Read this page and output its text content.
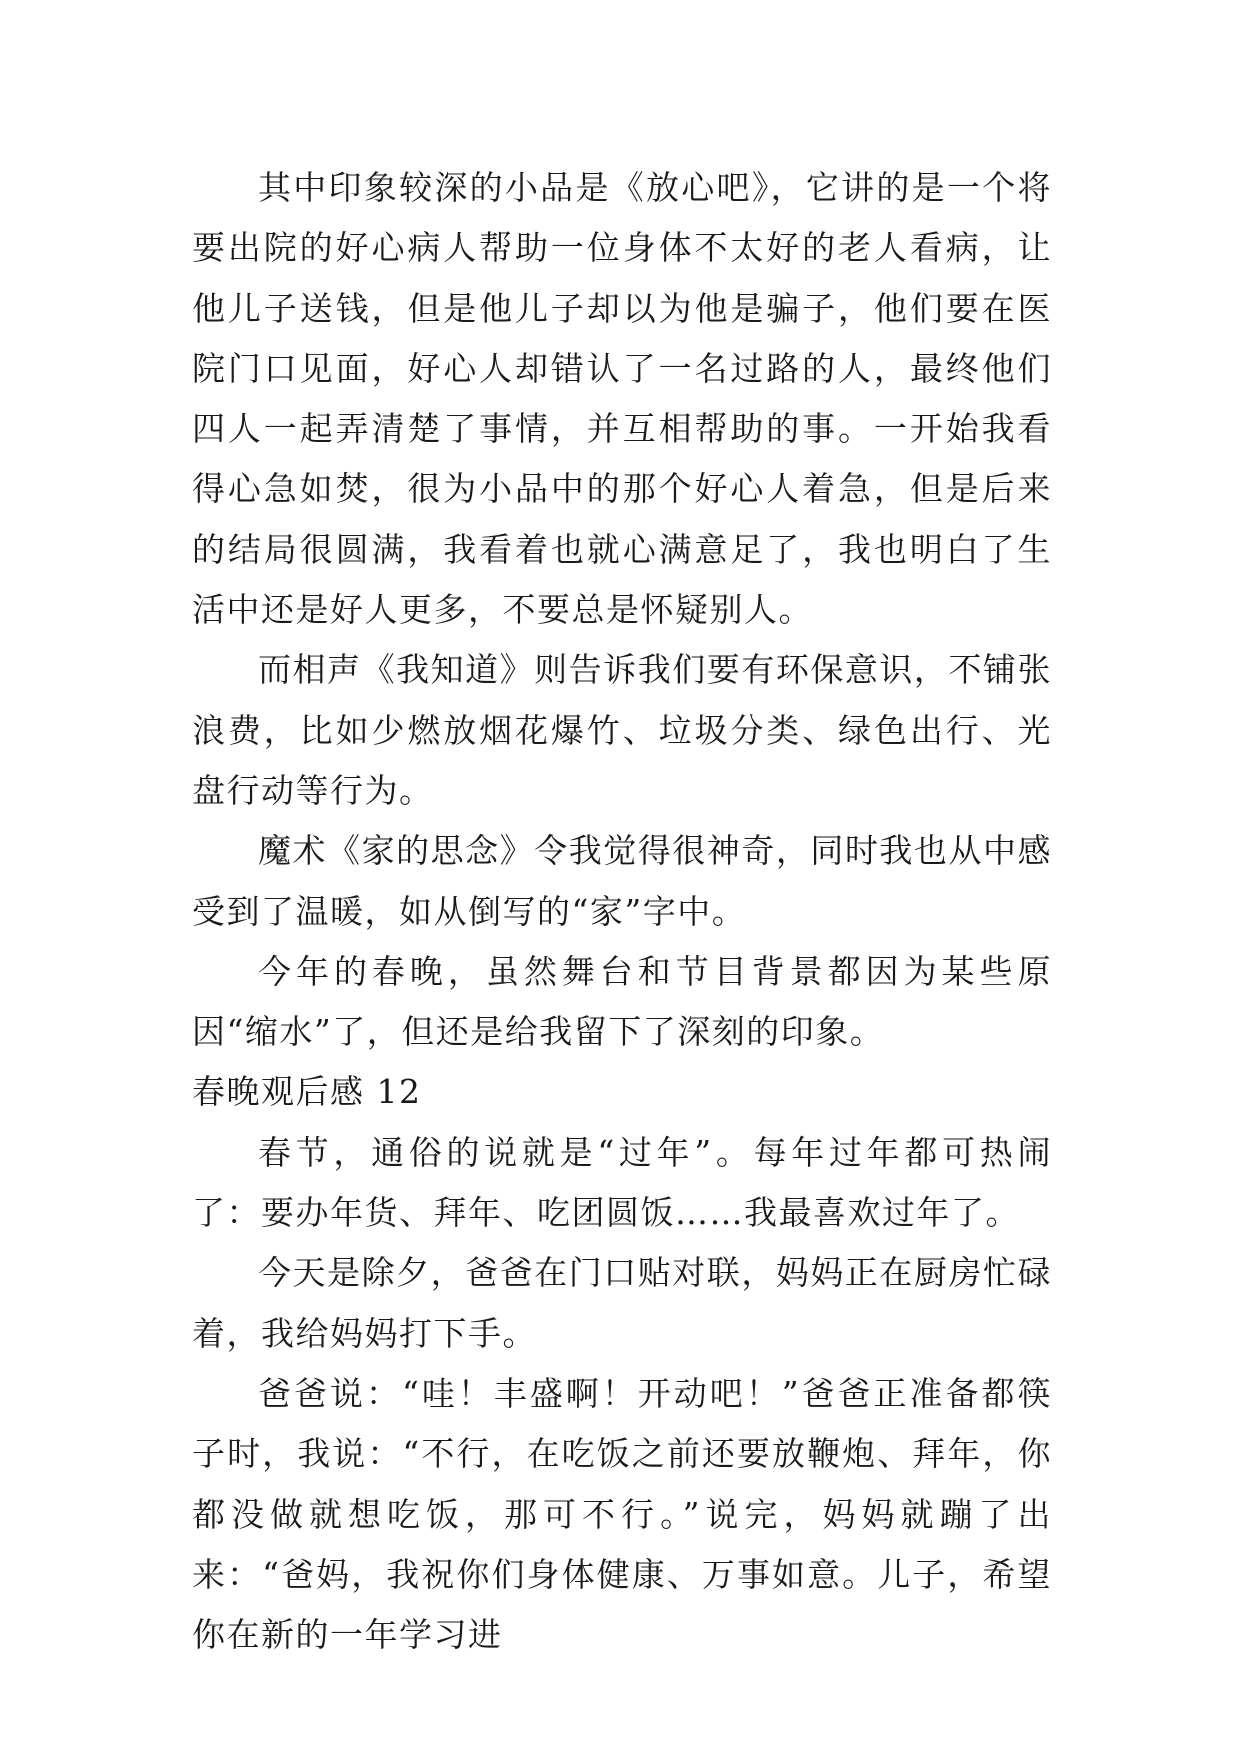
其中印象较深的小品是《放心吧》，它讲的是一个将要出院的好心病人帮助一位身体不太好的老人看病，让他儿子送钱，但是他儿子却以为他是骗子，他们要在医院门口见面，好心人却错认了一名过路的人，最终他们四人一起弄清楚了事情，并互相帮助的事。一开始我看得心急如焚，很为小品中的那个好心人着急，但是后来的结局很圆满，我看着也就心满意足了，我也明白了生活中还是好人更多，不要总是怀疑别人。

而相声《我知道》则告诉我们要有环保意识，不铺张浪费，比如少燃放烟花爆竹、垃圾分类、绿色出行、光盘行动等行为。

魔术《家的思念》令我觉得很神奇，同时我也从中感受到了温暖，如从倒写的“家”字中。

今年的春晚，虽然舞台和节目背景都因为某些原因“缩水”了，但还是给我留下了深刻的印象。

春晚观后感 12

春节，通俗的说就是“过年”。每年过年都可热闹了：要办年货、拜年、吃团圆饭……我最喜欢过年了。

今天是除夕，爸爸在门口贴对联，妈妈正在厨房忙碌着，我给妈妈打下手。

爸爸说：“哇！丰盛啊！开动吧！”爸爸正准备都筷子时，我说：“不行，在吃饭之前还要放鞭炮、拜年，你都没做就想吃饭，那可不行。”说完，妈妈就蹦了出来：“爸妈，我祝你们身体健康、万事如意。儿子，希望你在新的一年学习进
